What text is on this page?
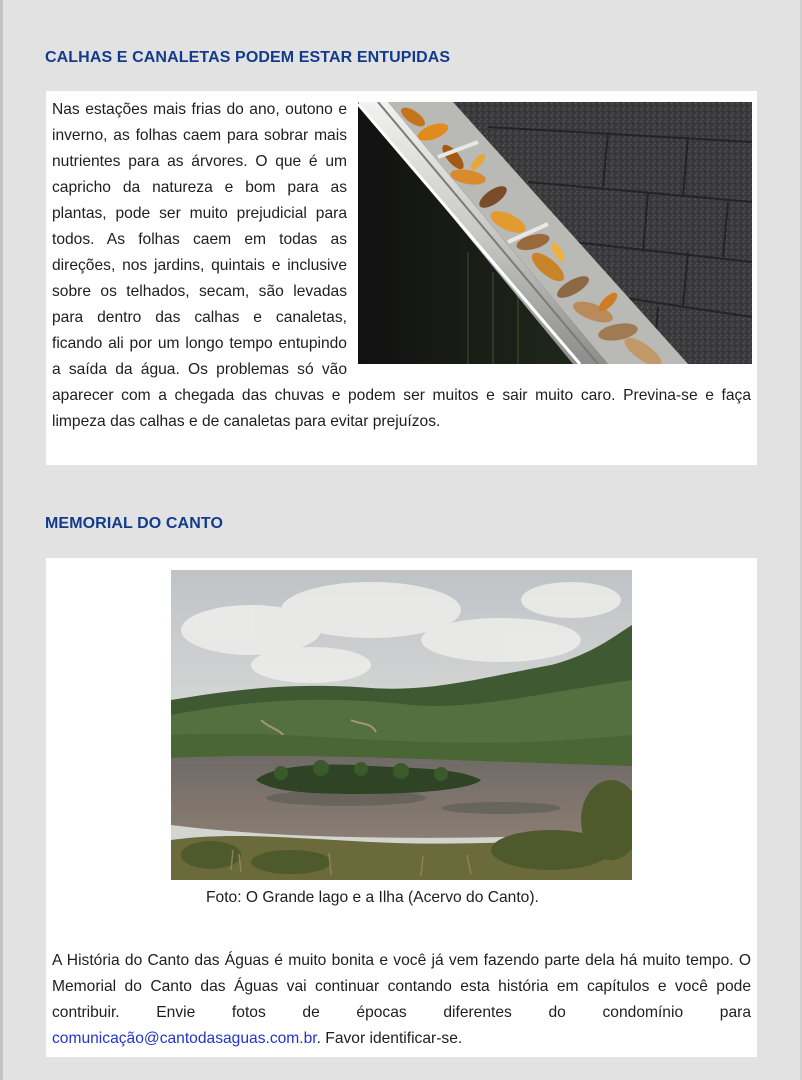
CALHAS E CANALETAS PODEM ESTAR ENTUPIDAS

Nas estações mais frias do ano, outono e inverno, as folhas caem para sobrar mais nutrientes para as árvores. O que é um capricho da natureza e bom para as plantas, pode ser muito prejudicial para todos. As folhas caem em todas as direções, nos jardins, quintais e inclusive sobre os telhados, secam, são levadas para dentro das calhas e canaletas, ficando ali por um longo tempo entupindo a saída da água. Os problemas só vão aparecer com a chegada das chuvas e podem ser muitos e sair muito caro. Previna-se e faça limpeza das calhas e de canaletas para evitar prejuízos.

MEMORIAL DO CANTO

Foto: O Grande lago e a Ilha (Acervo do Canto).

A História do Canto das Águas é muito bonita e você já vem fazendo parte dela há muito tempo. O Memorial do Canto das Águas vai continuar contando esta história em capítulos e você pode contribuir. Envie fotos de épocas diferentes do condomínio para comunicação@cantodasaguas.com.br. Favor identificar-se.
